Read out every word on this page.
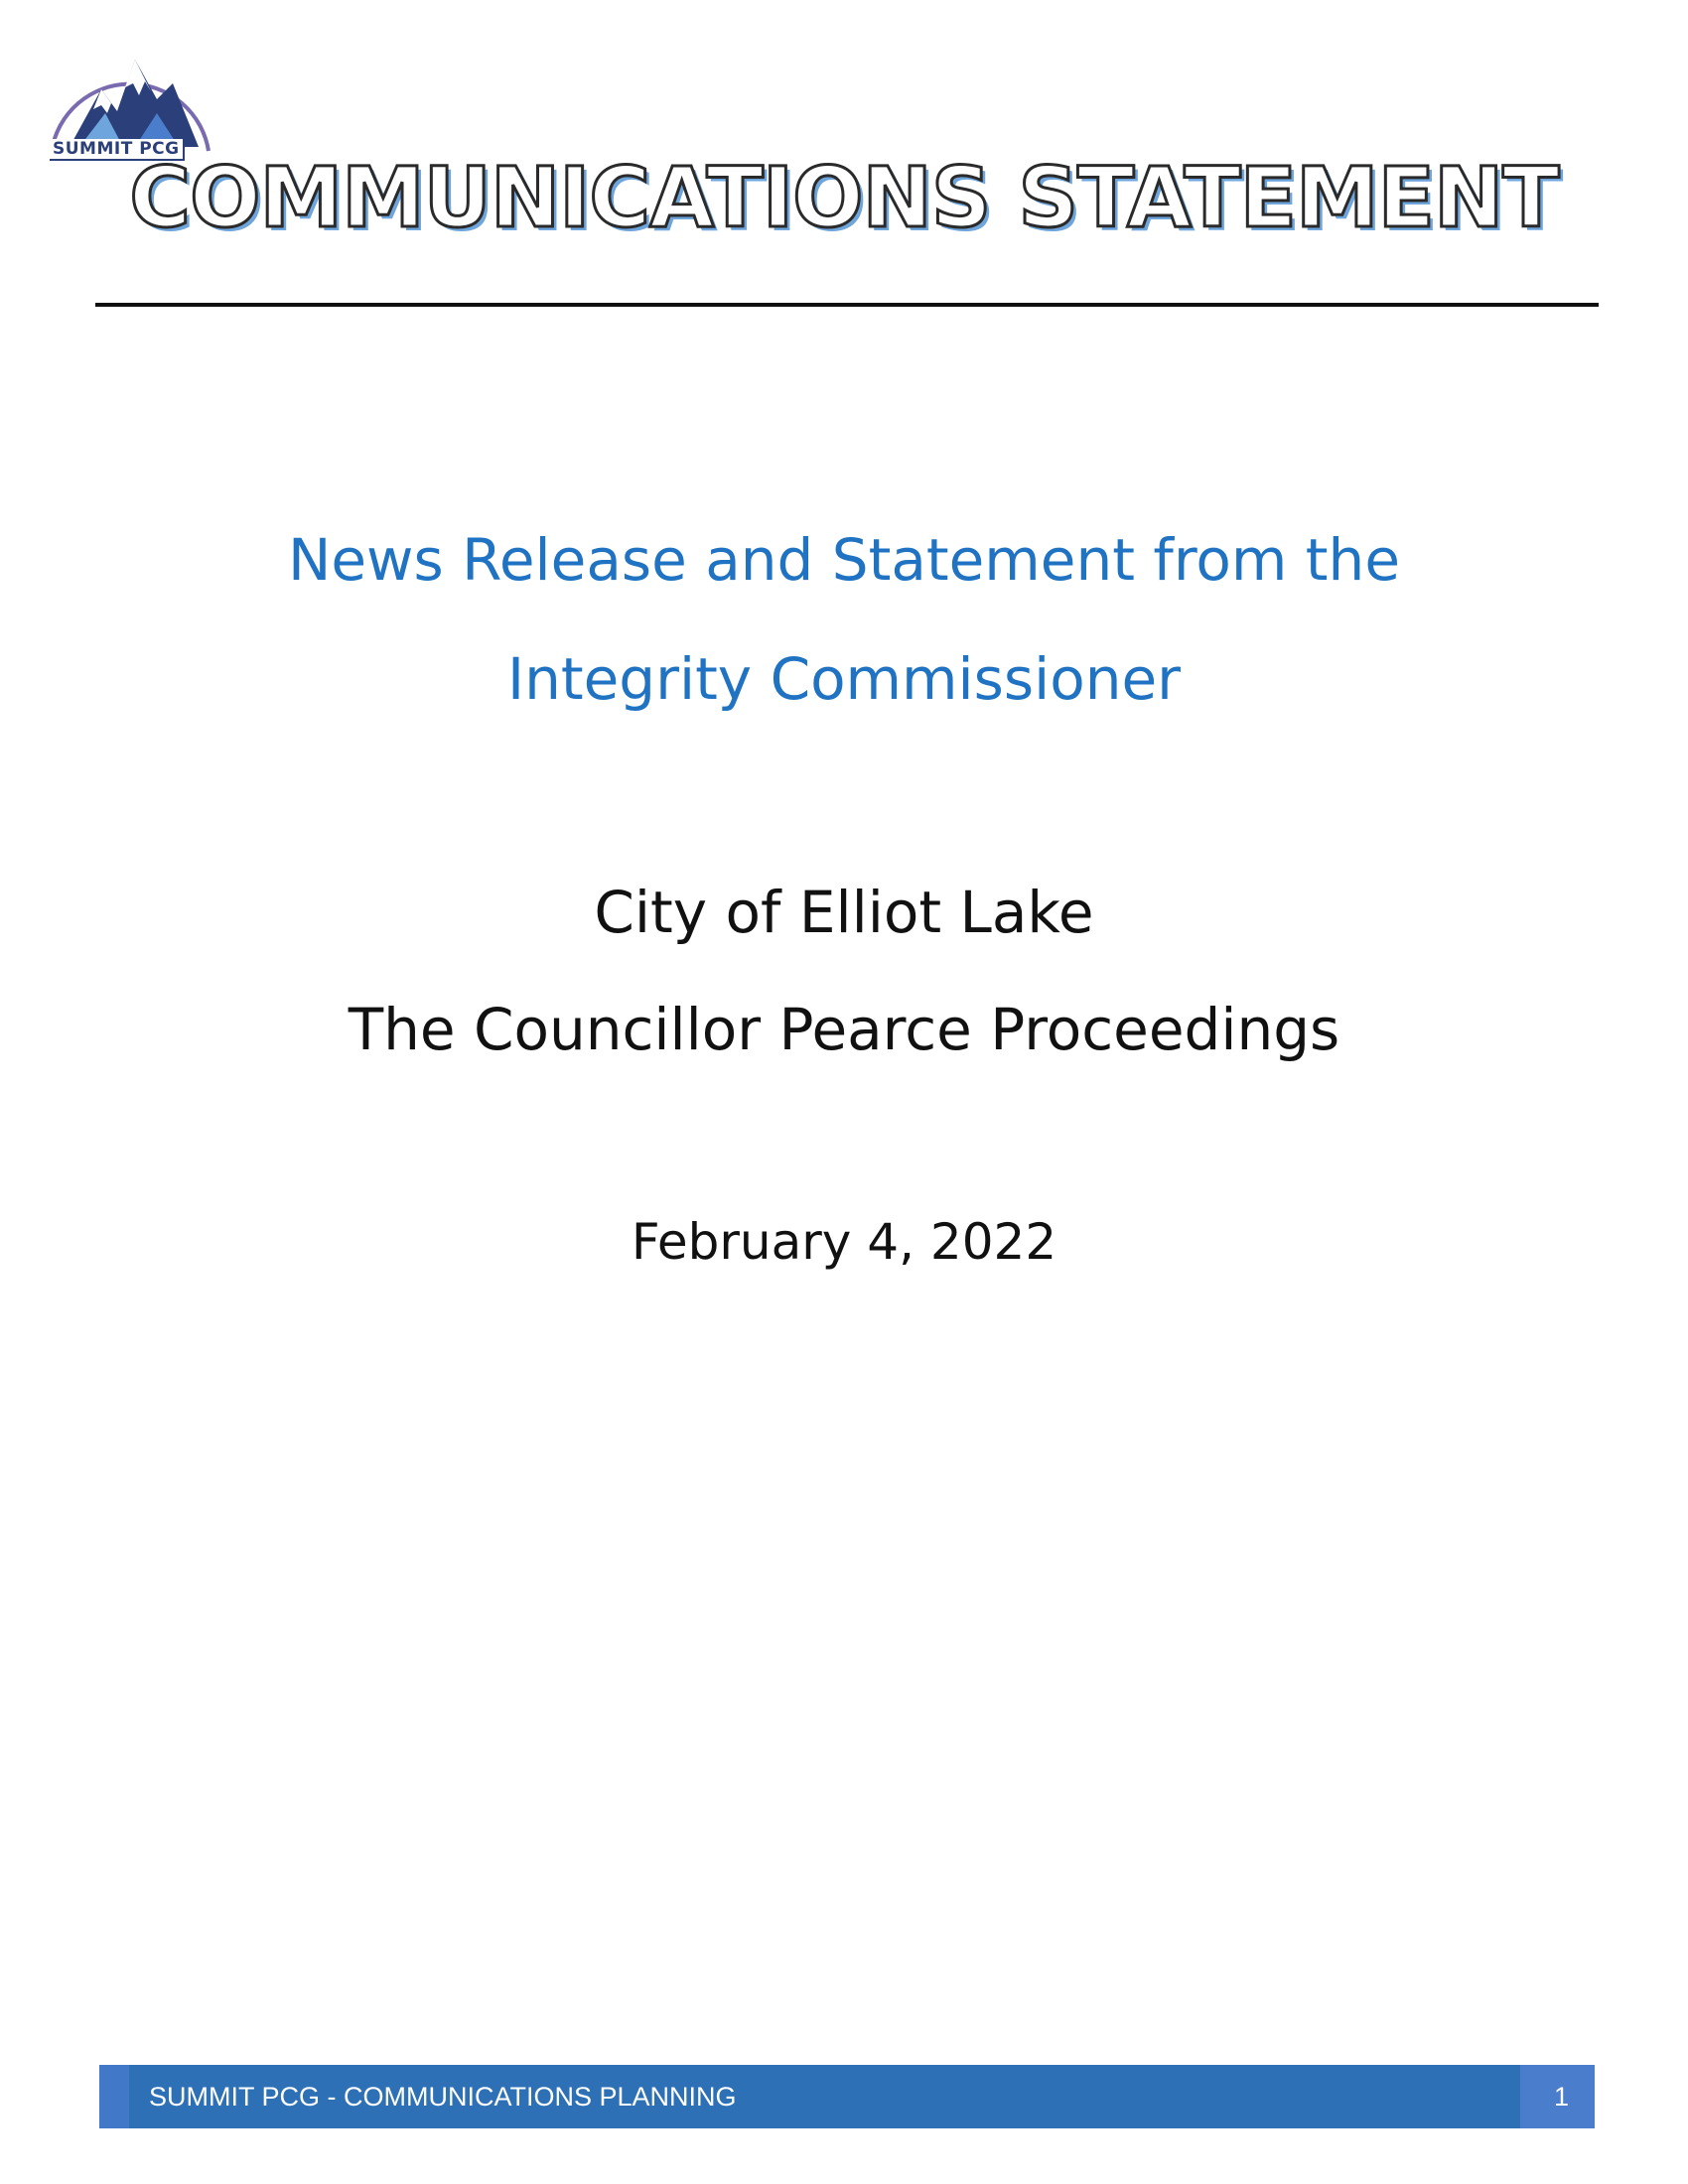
SUMMIT PCG
COMMUNICATIONS STATEMENT
News Release and Statement from the
Integrity Commissioner
City of Elliot Lake
The Councillor Pearce Proceedings
February 4, 2022
SUMMIT PCG - COMMUNICATIONS PLANNING	1
